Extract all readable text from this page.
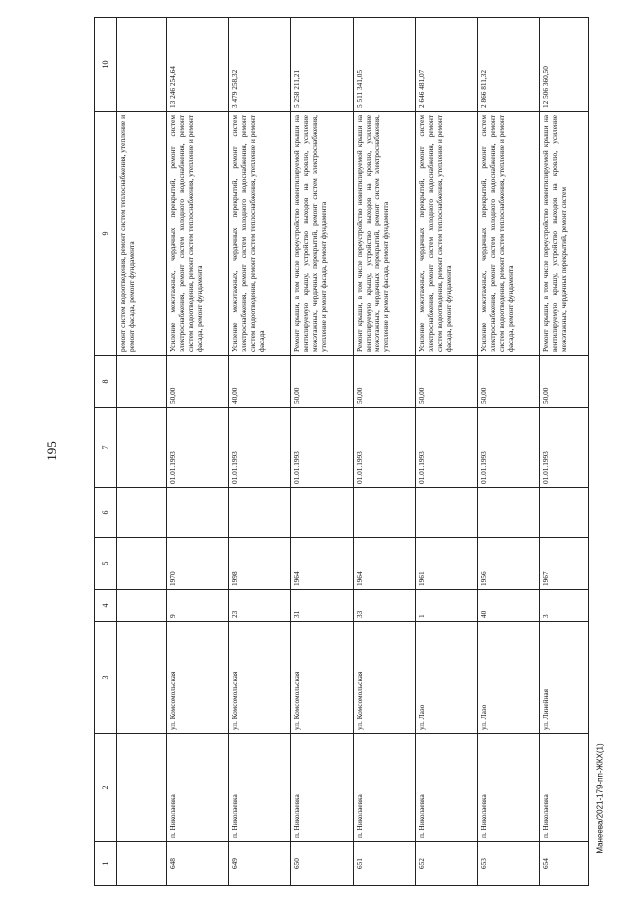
195
Манеева/2021-179-пп-ЖКХ(1)
1	2	3	4	5	6	7	8	9	10
								ремонт систем водоотведения, ремонт систем теплоснабжения, утепление и ремонт фасада, ремонт фундамента	
648	п. Николаевка	ул. Комсомольская	9	1970		01.01.1993	50,00	Усиление межэтажных, чердачных перекрытий, ремонт систем электроснабжения, ремонт систем холодного водоснабжения, ремонт систем водоотведения, ремонт систем теплоснабжения, утепление и ремонт фасада, ремонт фундамента	13 246 254,64
649	п. Николаевка	ул. Комсомольская	23	1998		01.01.1993	40,00	Усиление межэтажных, чердачных перекрытий, ремонт систем электроснабжения, ремонт систем холодного водоснабжения, ремонт систем водоотведения, ремонт систем теплоснабжения, утепление и ремонт фасада	3 479 258,32
650	п. Николаевка	ул. Комсомольская	31	1964		01.01.1993	50,00	Ремонт крыши, в том числе переустройство невентилируемой крыши на вентилируемую крышу, устройство выходов на кровлю, усиление межэтажных, чердачных перекрытий, ремонт систем электроснабжения, утепление и ремонт фасада, ремонт фундамента	5 258 211,21
651	п. Николаевка	ул. Комсомольская	33	1964		01.01.1993	50,00	Ремонт крыши, в том числе переустройство невентилируемой крыши на вентилируемую крышу, устройство выходов на кровлю, усиление межэтажных, чердачных перекрытий, ремонт систем электроснабжения, утепление и ремонт фасада, ремонт фундамента	5 511 341,05
652	п. Николаевка	ул. Лазо	1	1961		01.01.1993	50,00	Усиление межэтажных, чердачных перекрытий, ремонт систем электроснабжения, ремонт систем холодного водоснабжения, ремонт систем водоотведения, ремонт систем теплоснабжения, утепление и ремонт фасада, ремонт фундамента	2 646 481,07
653	п. Николаевка	ул. Лазо	40	1956		01.01.1993	50,00	Усиление межэтажных, чердачных перекрытий, ремонт систем электроснабжения, ремонт систем холодного водоснабжения, ремонт систем водоотведения, ремонт систем теплоснабжения, утепление и ремонт фасада, ремонт фундамента	2 866 811,32
654	п. Николаевка	ул. Линейная	3	1967		01.01.1993	50,00	Ремонт крыши, в том числе переустройство невентилируемой крыши на вентилируемую крышу, устройство выходов на кровлю, усиление межэтажных, чердачных перекрытий, ремонт систем	12 506 360,50
